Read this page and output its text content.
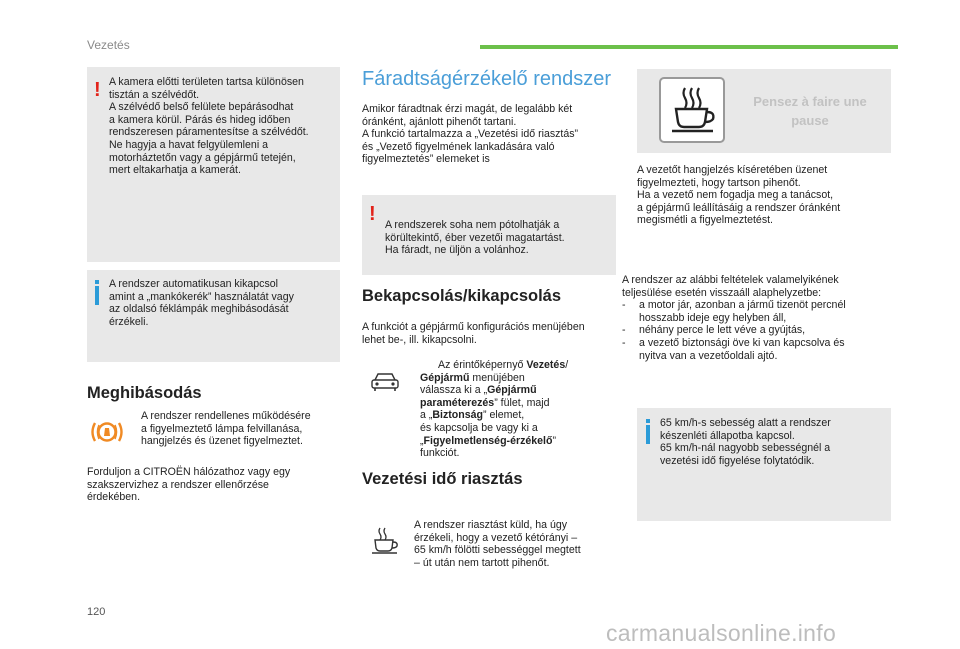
Vezetés
! A kamera előtti területen tartsa különösen
tisztán a szélvédőt.
A szélvédő belső felülete bepárásodhat
a kamera körül. Párás és hideg időben
rendszeresen páramentesítse a szélvédőt.
Ne hagyja a havat felgyülemleni a
motorháztetőn vagy a gépjármű tetején,
mert eltakarhatja a kamerát.
A rendszer automatikusan kikapcsol
amint a „mankókerék” használatát vagy
az oldalsó féklámpák meghibásodását
érzékeli.
Meghibásodás
A rendszer rendellenes működésére
a figyelmeztető lámpa felvillanása,
hangjelzés és üzenet figyelmeztet.
Forduljon a CITROËN hálózathoz vagy egy
szakszervizhez a rendszer ellenőrzése
érdekében.
Fáradtságérzékelő rendszer
Amikor fáradtnak érzi magát, de legalább két
óránként, ajánlott pihenőt tartani.
A funkció tartalmazza a „Vezetési idő riasztás”
és „Vezető figyelmének lankadására való
figyelmeztetés” elemeket is
! A rendszerek soha nem pótolhatják a
körültekintő, éber vezetői magatartást.
Ha fáradt, ne üljön a volánhoz.
Bekapcsolás/kikapcsolás
A funkciót a gépjármű konfigurációs menüjében
lehet be-, ill. kikapcsolni.
Az érintőképernyő Vezetés/
Gépjármű menüjében
válassza ki a „Gépjármű
paraméterezés” fület, majd
a „Biztonság” elemet,
és kapcsolja be vagy ki a
„Figyelmetlenség-érzékelő”
funkciót.
Vezetési idő riasztás
A rendszer riasztást küld, ha úgy
érzékeli, hogy a vezető kétórányi –
65 km/h fölötti sebességgel megtett
– út után nem tartott pihenőt.
Pensez à faire une
pause
A vezetőt hangjelzés kíséretében üzenet
figyelmezteti, hogy tartson pihenőt.
Ha a vezető nem fogadja meg a tanácsot,
a gépjármű leállításáig a rendszer óránként
megismétli a figyelmeztetést.
A rendszer az alábbi feltételek valamelyikének
teljesülése esetén visszaáll alaphelyzetbe:
-	a motor jár, azonban a jármű tizenöt percnél
hosszabb ideje egy helyben áll,
-	néhány perce le lett véve a gyújtás,
-	a vezető biztonsági öve ki van kapcsolva és
nyitva van a vezetőoldali ajtó.
65 km/h-s sebesség alatt a rendszer
készenléti állapotba kapcsol.
65 km/h-nál nagyobb sebességnél a
vezetési idő figyelése folytatódik.
120
carmanualsonline.info
